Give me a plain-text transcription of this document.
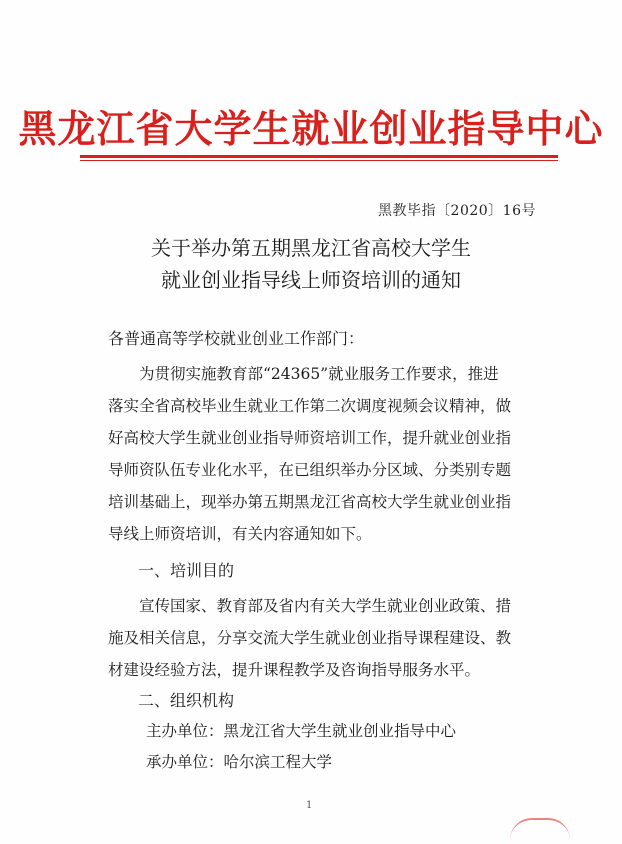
黑龙江省大学生就业创业指导中心
黑教毕指〔2020〕16号
关于举办第五期黑龙江省高校大学生
就业创业指导线上师资培训的通知
各普通高等学校就业创业工作部门：
为贯彻实施教育部“24365”就业服务工作要求，推进
落实全省高校毕业生就业工作第二次调度视频会议精神，做
好高校大学生就业创业指导师资培训工作，提升就业创业指
导师资队伍专业化水平，在已组织举办分区域、分类别专题
培训基础上，现举办第五期黑龙江省高校大学生就业创业指
导线上师资培训，有关内容通知如下。
一、培训目的
宣传国家、教育部及省内有关大学生就业创业政策、措
施及相关信息，分享交流大学生就业创业指导课程建设、教
材建设经验方法，提升课程教学及咨询指导服务水平。
二、组织机构
主办单位：黑龙江省大学生就业创业指导中心
承办单位：哈尔滨工程大学
1
